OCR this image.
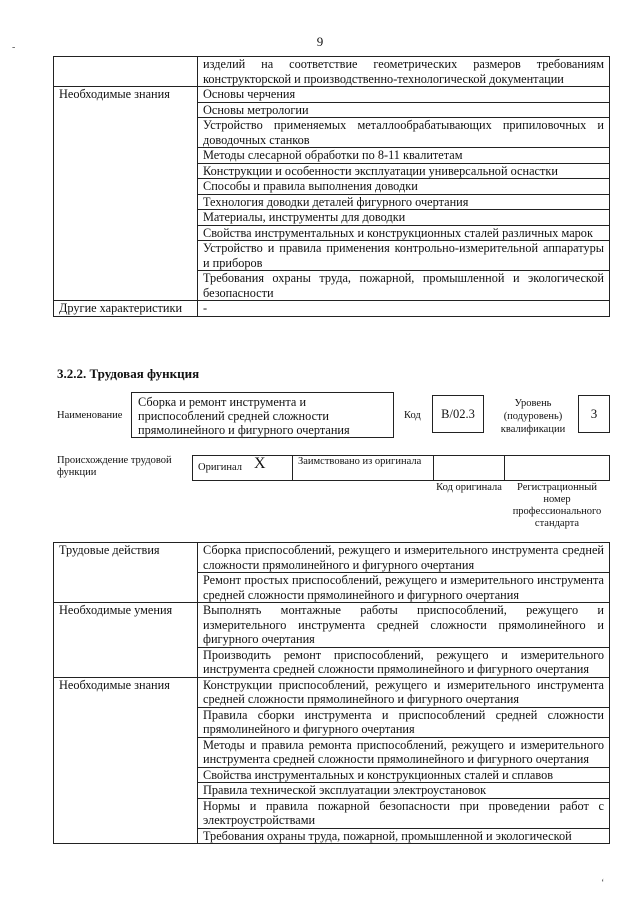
9
-
‘
	изделий на соответствие геометрических размеров требованиям конструкторской и производственно-технологической документации
Необходимые знания	Основы черчения
	Основы метрологии
	Устройство применяемых металлообрабатывающих припиловочных и доводочных станков
	Методы слесарной обработки по 8-11 квалитетам
	Конструкции и особенности эксплуатации универсальной оснастки
	Способы и правила выполнения доводки
	Технология доводки деталей фигурного очертания
	Материалы, инструменты для доводки
	Свойства инструментальных и конструкционных сталей различных марок
	Устройство и правила применения контрольно-измерительной аппаратуры и приборов
	Требования охраны труда, пожарной, промышленной и экологической безопасности
Другие характеристики	-
3.2.2. Трудовая функция
Наименование
Сборка и ремонт инструмента и приспособлений средней сложности прямолинейного и фигурного очертания
Код	В/02.3
Уровень (подуровень) квалификации
3
Происхождение трудовой функции	Оригинал X	Заимствовано из оригинала
Код оригинала	Регистрационный номер профессионального стандарта
Трудовые действия	Сборка приспособлений, режущего и измерительного инструмента средней сложности прямолинейного и фигурного очертания
	Ремонт простых приспособлений, режущего и измерительного инструмента средней сложности прямолинейного и фигурного очертания
Необходимые умения	Выполнять монтажные работы приспособлений, режущего и измерительного инструмента средней сложности прямолинейного и фигурного очертания
	Производить ремонт приспособлений, режущего и измерительного инструмента средней сложности прямолинейного и фигурного очертания
Необходимые знания	Конструкции приспособлений, режущего и измерительного инструмента средней сложности прямолинейного и фигурного очертания
	Правила сборки инструмента и приспособлений средней сложности прямолинейного и фигурного очертания
	Методы и правила ремонта приспособлений, режущего и измерительного инструмента средней сложности прямолинейного и фигурного очертания
	Свойства инструментальных и конструкционных сталей и сплавов
	Правила технической эксплуатации электроустановок
	Нормы и правила пожарной безопасности при проведении работ с электроустройствами
	Требования охраны труда, пожарной, промышленной и экологической
